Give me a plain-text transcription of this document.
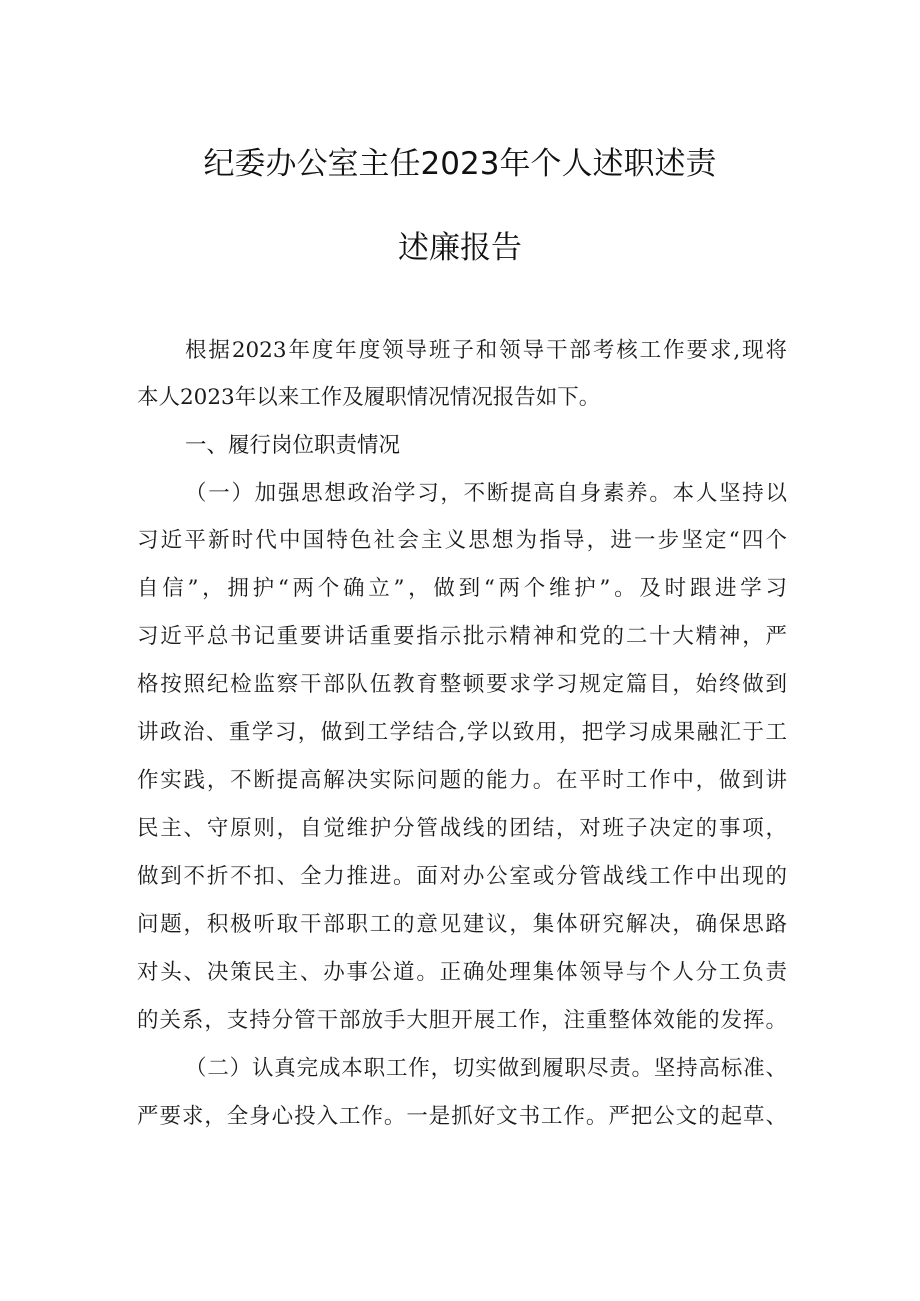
纪委办公室主任2023年个人述职述责
述廉报告
根据2023年度年度领导班子和领导干部考核工作要求,现将
本人2023年以来工作及履职情况情况报告如下。
一、履行岗位职责情况
（一）加强思想政治学习，不断提高自身素养。本人坚持以
习近平新时代中国特色社会主义思想为指导，进一步坚定“四个
自信”，拥护“两个确立”，做到“两个维护”。及时跟进学习
习近平总书记重要讲话重要指示批示精神和党的二十大精神，严
格按照纪检监察干部队伍教育整顿要求学习规定篇目，始终做到
讲政治、重学习，做到工学结合,学以致用，把学习成果融汇于工
作实践，不断提高解决实际问题的能力。在平时工作中，做到讲
民主、守原则，自觉维护分管战线的团结，对班子决定的事项，
做到不折不扣、全力推进。面对办公室或分管战线工作中出现的
问题，积极听取干部职工的意见建议，集体研究解决，确保思路
对头、决策民主、办事公道。正确处理集体领导与个人分工负责
的关系，支持分管干部放手大胆开展工作，注重整体效能的发挥。
（二）认真完成本职工作，切实做到履职尽责。坚持高标准、
严要求，全身心投入工作。一是抓好文书工作。严把公文的起草、
